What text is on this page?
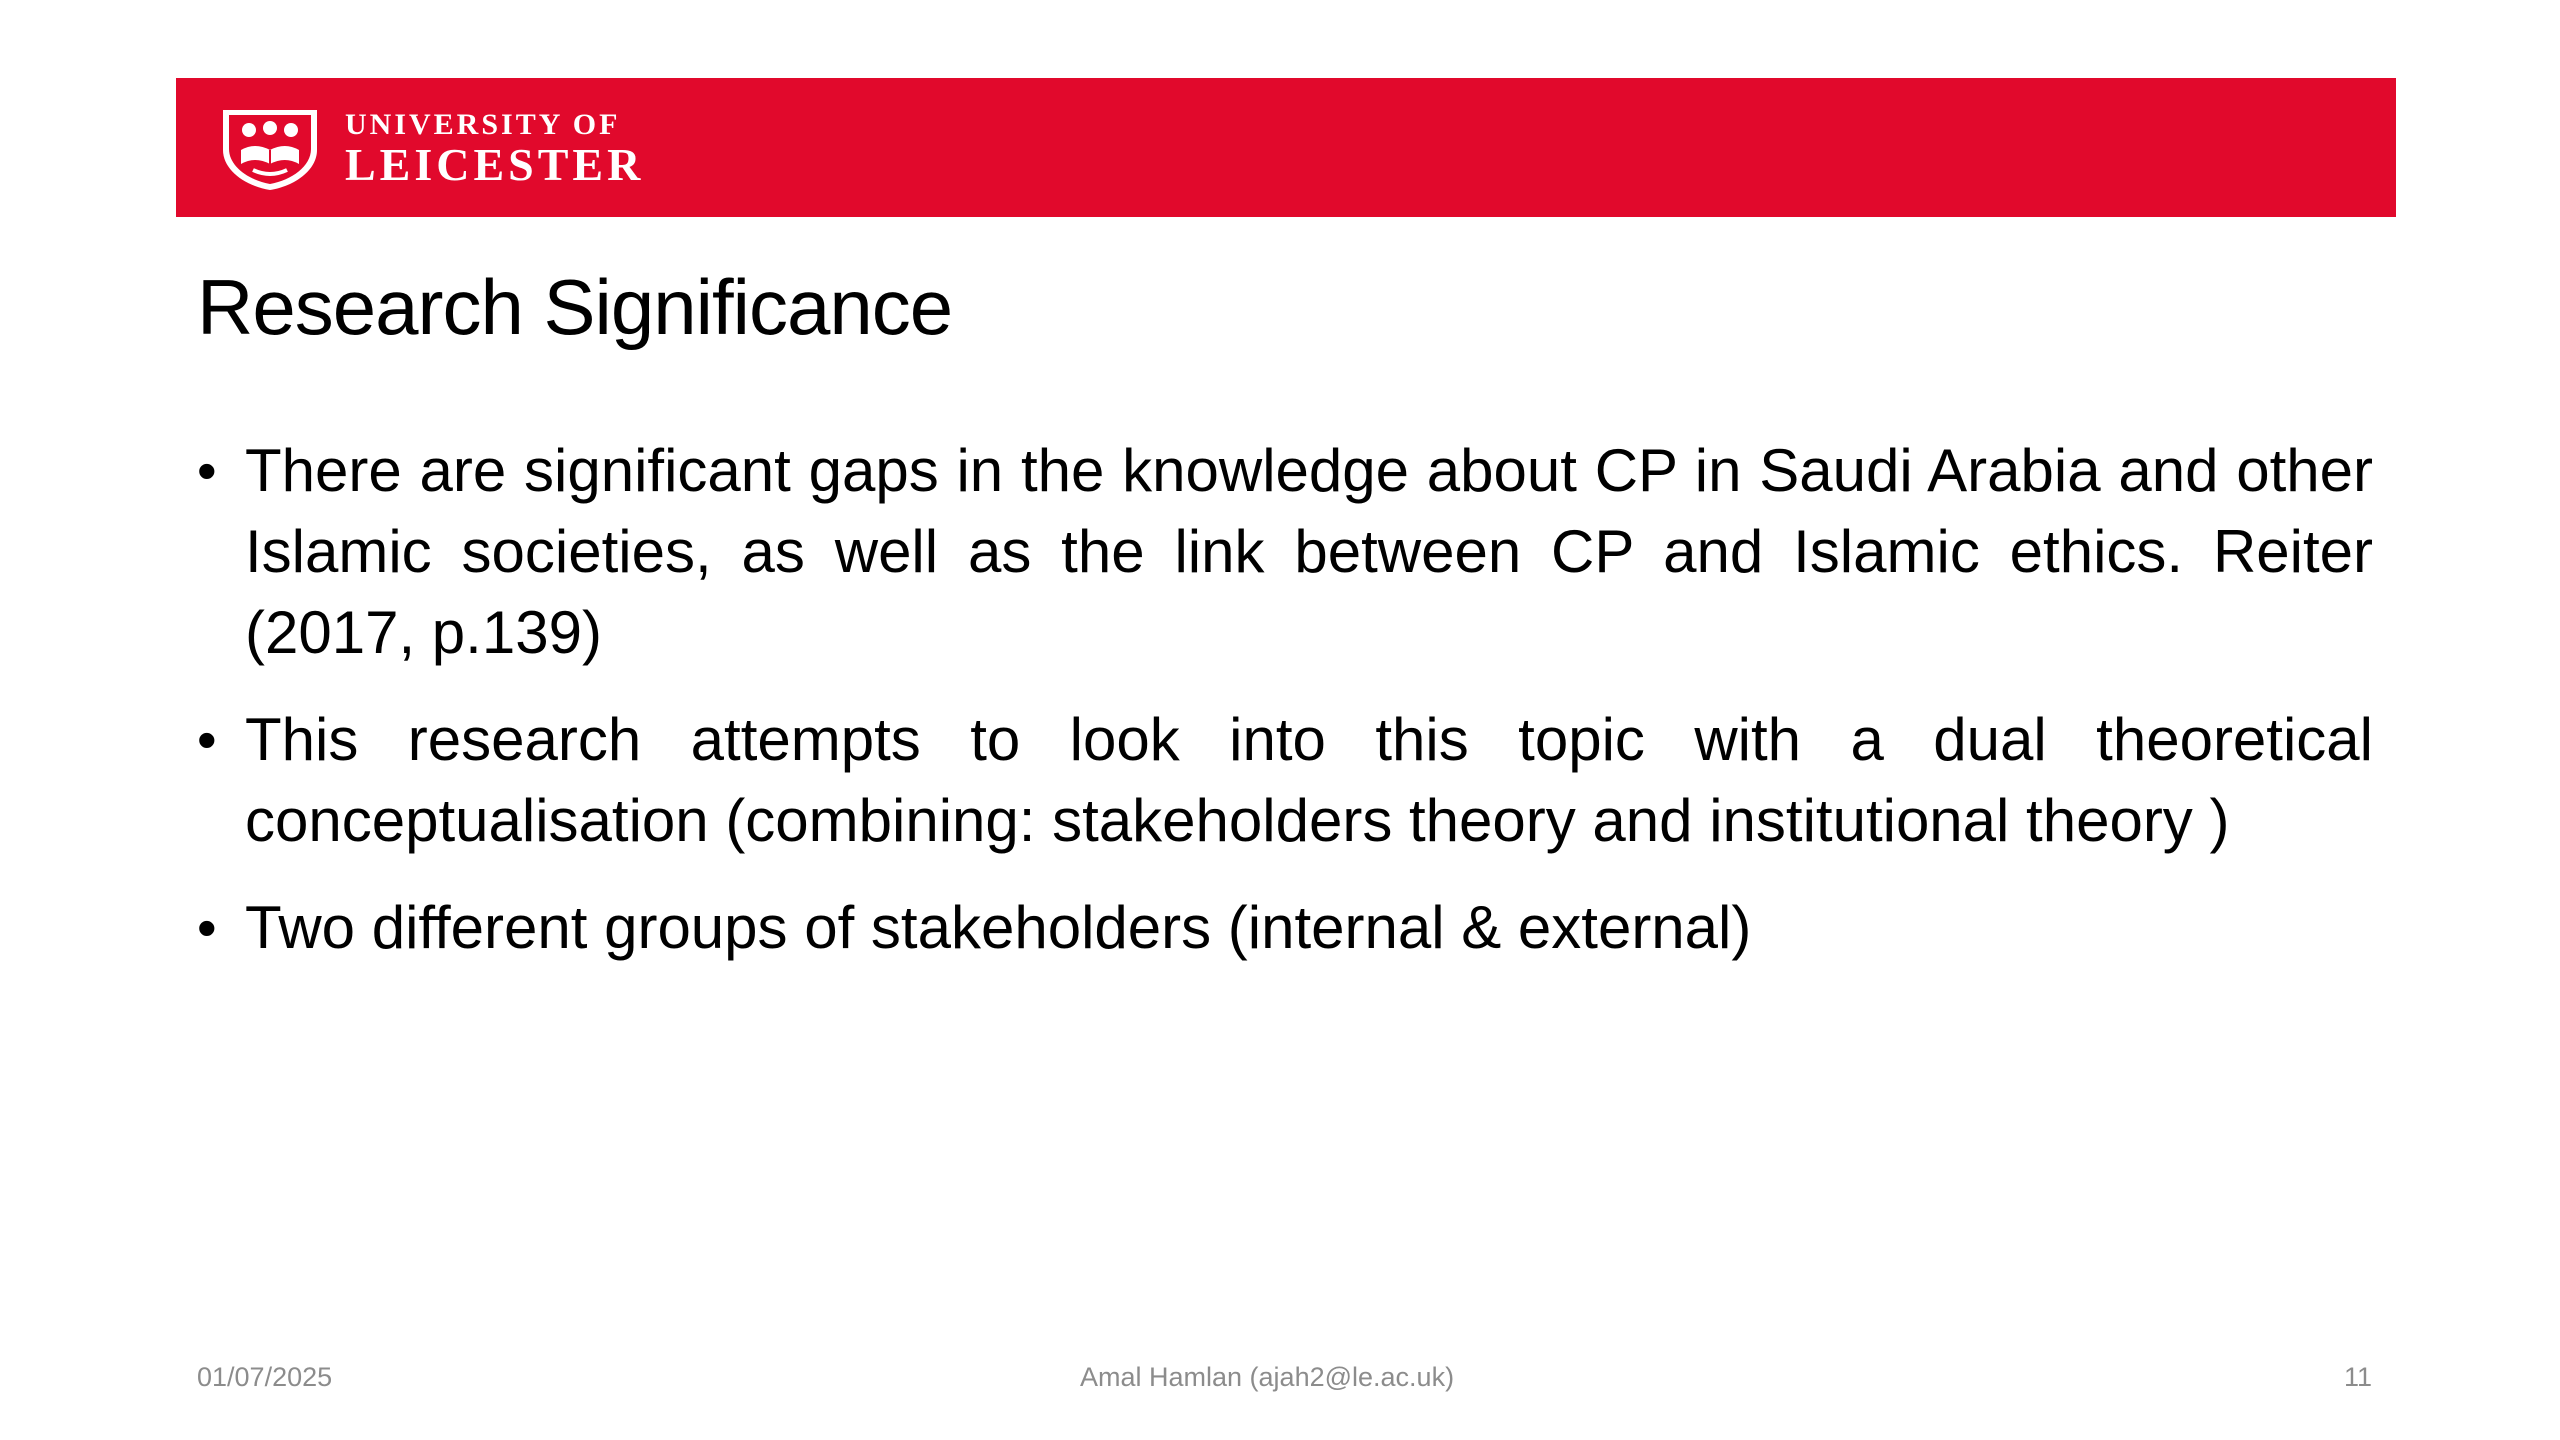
UNIVERSITY OF
LEICESTER
Research Significance
• There are significant gaps in the knowledge about CP in Saudi Arabia and other Islamic societies, as well as the link between CP and Islamic ethics. Reiter (2017, p.139)
• This research attempts to look into this topic with a dual theoretical conceptualisation (combining: stakeholders theory and institutional theory )
• Two different groups of stakeholders (internal & external)
01/07/2025	Amal Hamlan (ajah2@le.ac.uk)	11
